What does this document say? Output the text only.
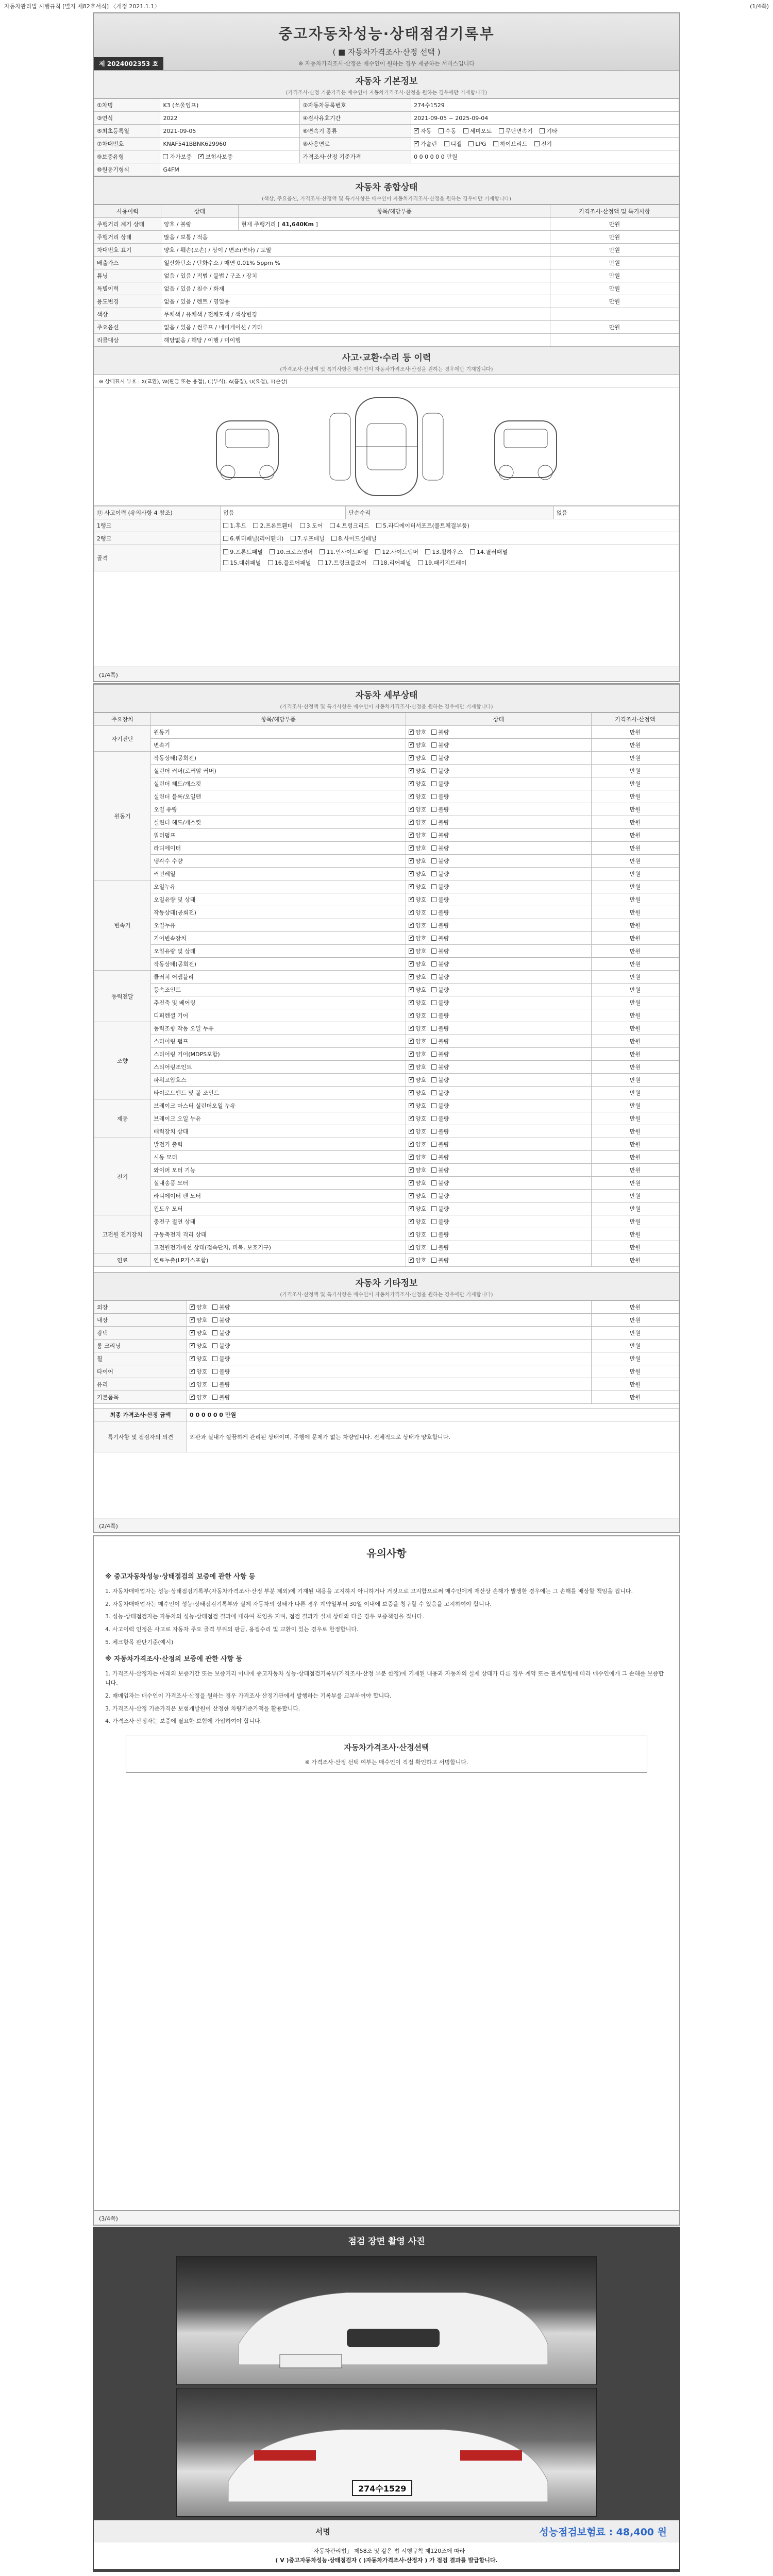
자동차관리법 시행규칙 [별지 제82호서식] 〈개정 2021.1.1〉	(1/4쪽)
중고자동차성능·상태점검기록부
( ■ 자동차가격조사·산정 선택 )
※ 자동차가격조사·산정은 매수인이 원하는 경우 제공하는 서비스입니다
제 2024002353 호
자동차 기본정보
(가격조사·산정 기준가격은 매수인이 자동차가격조사·산정을 원하는 경우에만 기재합니다)
①차명	K3 (쏘울임프)	②자동차등록번호	274수1529
③연식	2022	④검사유효기간	2021-09-05 ~ 2025-09-04
⑤최초등록일	2021-09-05	⑥변속기 종류	✓자동 수동 세미오토 무단변속기 기타
⑦차대번호	KNAF541BBNK629960	⑧사용연료	✓가솔린 디젤 LPG 하이브리드 전기
⑨보증유형	자가보증 ✓ 보험사보증	가격조사·산정 기준가격	0 0 0 0 0 0 만원
⑩원동기형식	G4FM		
자동차 종합상태
(색상, 주요옵션, 가격조사·산정액 및 특기사항은 매수인이 자동차가격조사·산정을 원하는 경우에만 기재합니다)
사용이력	상태	항목/해당부품	가격조사·산정액 및 특기사항
주행거리 계기 상태	양호 / 불량	현재 주행거리 [ 41,640Km ]	만원
주행거리 상태	많음 / 보통 / 적음		만원
차대번호 표기	양호 / 훼손(오손) / 상이 / 변조(변타) / 도말		만원
배출가스	일산화탄소 / 탄화수소 / 매연 0.01% 5ppm %		만원
튜닝	없음 / 있음 / 적법 / 불법 / 구조 / 장치		만원
특별이력	없음 / 있음 / 침수 / 화재		만원
용도변경	없음 / 있음 / 렌트 / 영업용		만원
색상	무채색 / 유채색 / 전체도색 / 색상변경		
주요옵션	없음 / 있음 / 썬루프 / 네비게이션 / 기타		만원
리콜대상	해당없음 / 해당 / 이행 / 미이행		
사고·교환·수리 등 이력
(가격조사·산정액 및 특기사항은 매수인이 자동차가격조사·산정을 원하는 경우에만 기재합니다)
※ 상태표시 부호 : X(교환), W(판금 또는 용접), C(부식), A(흠집), U(요철), T(손상)
⑪ 사고이력 (유의사항 4 참조)	없음	단순수리	없음
1랭크	1.후드 2.프론트휀더 3.도어 4.트렁크리드 5.라디에이터서포트(볼트체결부품)		
2랭크	6.쿼터패널(리어휀더) 7.루프패널 8.사이드실패널		
골격	9.프론트패널 10.크로스멤버 11.인사이드패널 12.사이드멤버 13.휠하우스 14.필러패널
15.대쉬패널 16.플로어패널 17.트렁크플로어 18.리어패널 19.패키지트레이		
(1/4쪽)
자동차 세부상태
(가격조사·산정액 및 특기사항은 매수인이 자동차가격조사·산정을 원하는 경우에만 기재합니다)
주요장치	항목/해당부품	상태	가격조사·산정액
자기진단	원동기	✓양호 불량	만원
	변속기	✓양호 불량	만원
원동기	작동상태(공회전)	✓양호 불량	만원
	실린더 커버(로커암 커버)	✓양호 불량	만원
	실린더 헤드/개스킷	✓양호 불량	만원
	실린더 블록/오일팬	✓양호 불량	만원
	오일 유량	✓양호 불량	만원
	실린더 헤드/개스킷	✓양호 불량	만원
	워터펌프	✓양호 불량	만원
	라디에이터	✓양호 불량	만원
	냉각수 수량	✓양호 불량	만원
	커먼레일	✓양호 불량	만원
변속기	오일누유	✓양호 불량	만원
	오일유량 및 상태	✓양호 불량	만원
	작동상태(공회전)	✓양호 불량	만원
	오일누유	✓양호 불량	만원
	기어변속장치	✓양호 불량	만원
	오일유량 및 상태	✓양호 불량	만원
	작동상태(공회전)	✓양호 불량	만원
동력전달	클러치 어셈블리	✓양호 불량	만원
	등속조인트	✓양호 불량	만원
	추진축 및 베어링	✓양호 불량	만원
	디퍼렌셜 기어	✓양호 불량	만원
조향	동력조향 작동 오일 누유	✓양호 불량	만원
	스티어링 펌프	✓양호 불량	만원
	스티어링 기어(MDPS포함)	✓양호 불량	만원
	스티어링조인트	✓양호 불량	만원
	파워고압호스	✓양호 불량	만원
	타이로드엔드 및 볼 조인트	✓양호 불량	만원
제동	브레이크 마스터 실린더오일 누유	✓양호 불량	만원
	브레이크 오일 누유	✓양호 불량	만원
	배력장치 상태	✓양호 불량	만원
전기	발전기 출력	✓양호 불량	만원
	시동 모터	✓양호 불량	만원
	와이퍼 모터 기능	✓양호 불량	만원
	실내송풍 모터	✓양호 불량	만원
	라디에이터 팬 모터	✓양호 불량	만원
	윈도우 모터	✓양호 불량	만원
고전원 전기장치	충전구 절연 상태	✓양호 불량	만원
	구동축전지 격리 상태	✓양호 불량	만원
	고전원전기배선 상태(접속단자, 피복, 보호기구)	✓양호 불량	만원
연료	연료누출(LP가스포함)	✓양호 불량	만원
자동차 기타정보
(가격조사·산정액 및 특기사항은 매수인이 자동차가격조사·산정을 원하는 경우에만 기재합니다)
외장	✓양호 불량	만원
내장	✓양호 불량	만원
광택	✓양호 불량	만원
룸 크리닝	✓양호 불량	만원
휠	✓양호 불량	만원
타이어	✓양호 불량	만원
유리	✓양호 불량	만원
기본품목	✓양호 불량	만원
최종 가격조사·산정 금액	0 0 0 0 0 0 만원
특기사항 및 점검자의 의견	외관과 실내가 깔끔하게 관리된 상태이며, 주행에 문제가 없는 차량입니다. 전체적으로 상태가 양호합니다.
(2/4쪽)
유의사항
※ 중고자동차성능·상태점검의 보증에 관한 사항 등

1. 자동차매매업자는 성능·상태점검기록부(자동차가격조사·산정 부분 제외)에 기재된 내용을 고지하지 아니하거나 거짓으로 고지함으로써 매수인에게 재산상 손해가 발생한 경우에는 그 손해를 배상할 책임을 집니다.

2. 자동차매매업자는 매수인이 성능·상태점검기록부와 실제 자동차의 상태가 다른 경우 계약일부터 30일 이내에 보증을 청구할 수 있음을 고지하여야 합니다.

3. 성능·상태점검자는 자동차의 성능·상태점검 결과에 대하여 책임을 지며, 점검 결과가 실제 상태와 다른 경우 보증책임을 집니다.

4. 사고이력 인정은 사고로 자동차 주요 골격 부위의 판금, 용접수리 및 교환이 있는 경우로 한정합니다.

5. 체크항목 판단기준(예시)

※ 자동차가격조사·산정의 보증에 관한 사항 등

1. 가격조사·산정자는 아래의 보증기간 또는 보증거리 이내에 중고자동차 성능·상태점검기록부(가격조사·산정 부분 한정)에 기재된 내용과 자동차의 실제 상태가 다른 경우 계약 또는 관계법령에 따라 매수인에게 그 손해를 보증합니다.

2. 매매업자는 매수인이 가격조사·산정을 원하는 경우 가격조사·산정기관에서 발행하는 기록부를 교부하여야 합니다.

3. 가격조사·산정 기준가격은 보험개발원이 산정한 차량기준가액을 활용합니다.

4. 가격조사·산정자는 보증에 필요한 보험에 가입하여야 합니다.

자동차가격조사·산정선택
※ 가격조사·산정 선택 여부는 매수인이 직접 확인하고 서명합니다.
(3/4쪽)
점검 장면 촬영 사진
274수1529
서명	성능점검보험료 : 48,400 원
「자동차관리법」 제58조 및 같은 법 시행규칙 제120조에 따라
( V )중고자동차성능·상태점검자 ( )자동차가격조사·산정자 ) 가 점검 결과를 발급합니다.
